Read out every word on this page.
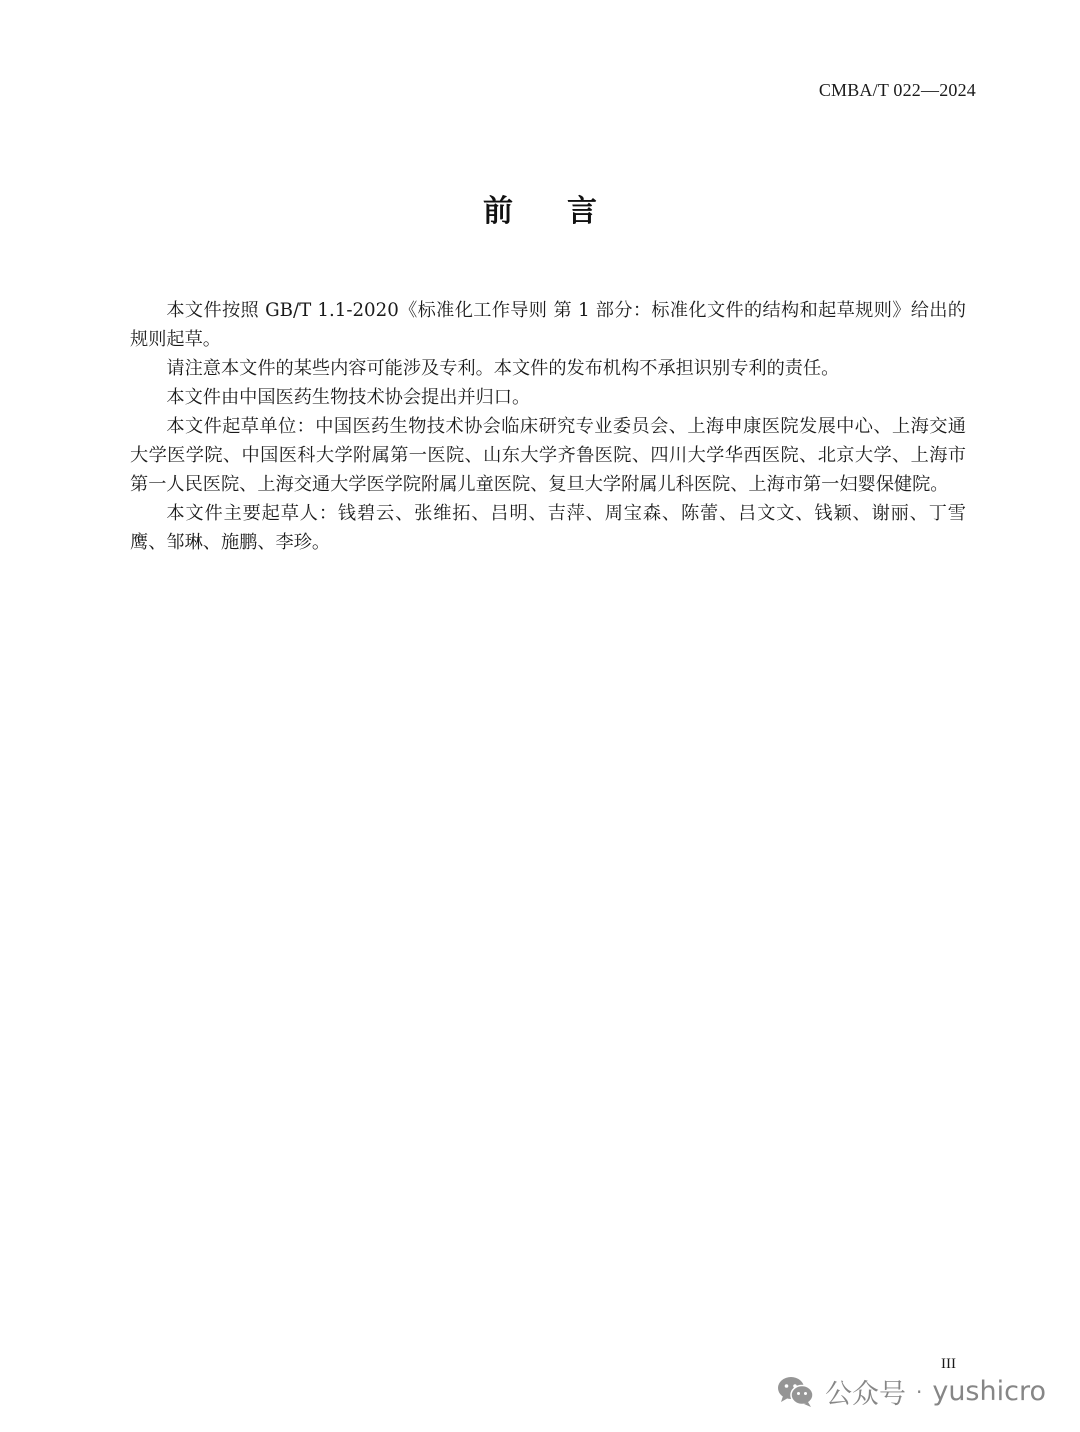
CMBA/T 022—2024
前言

本文件按照 GB/T 1.1-2020《标准化工作导则 第 1 部分：标准化文件的结构和起草规则》给出的规则起草。

请注意本文件的某些内容可能涉及专利。本文件的发布机构不承担识别专利的责任。

本文件由中国医药生物技术协会提出并归口。

本文件起草单位：中国医药生物技术协会临床研究专业委员会、上海申康医院发展中心、上海交通大学医学院、中国医科大学附属第一医院、山东大学齐鲁医院、四川大学华西医院、北京大学、上海市第一人民医院、上海交通大学医学院附属儿童医院、复旦大学附属儿科医院、上海市第一妇婴保健院。

本文件主要起草人：钱碧云、张维拓、吕明、吉萍、周宝森、陈蕾、吕文文、钱颖、谢丽、丁雪鹰、邹琳、施鹏、李珍。

III
公众号 · yushicro
